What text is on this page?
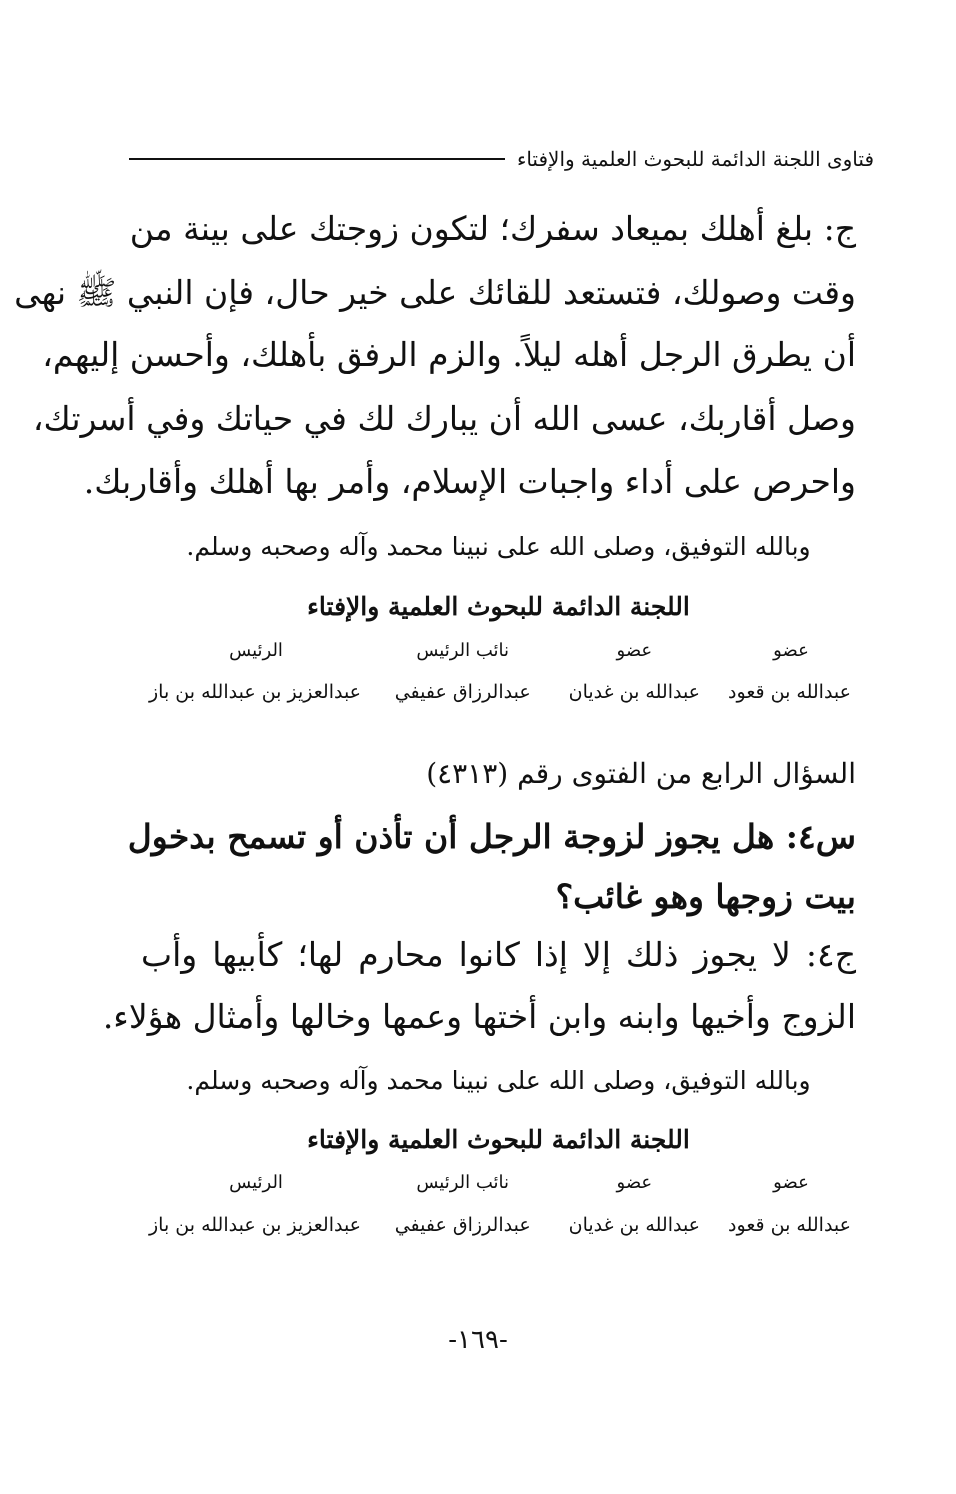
فتاوى اللجنة الدائمة للبحوث العلمية والإفتاء
ج: بلغ أهلك بميعاد سفرك؛ لتكون زوجتك على بينة من
وقت وصولك، فتستعد للقائك على خير حال، فإن النبي ﷺ نهى
أن يطرق الرجل أهله ليلاً. والزم الرفق بأهلك، وأحسن إليهم،
وصل أقاربك، عسى الله أن يبارك لك في حياتك وفي أسرتك،
واحرص على أداء واجبات الإسلام، وأمر بها أهلك وأقاربك.
وبالله التوفيق، وصلى الله على نبينا محمد وآله وصحبه وسلم.
اللجنة الدائمة للبحوث العلمية والإفتاء
عضو
عضو
نائب الرئيس
الرئيس
عبدالله بن قعود
عبدالله بن غديان
عبدالرزاق عفيفي
عبدالعزيز بن عبدالله بن باز
السؤال الرابع من الفتوى رقم (٤٣١٣)
س٤: هل يجوز لزوجة الرجل أن تأذن أو تسمح بدخول
بيت زوجها وهو غائب؟
ج٤: لا يجوز ذلك إلا إذا كانوا محارم لها؛ كأبيها وأب
الزوج وأخيها وابنه وابن أختها وعمها وخالها وأمثال هؤلاء.
وبالله التوفيق، وصلى الله على نبينا محمد وآله وصحبه وسلم.
اللجنة الدائمة للبحوث العلمية والإفتاء
عضو
عضو
نائب الرئيس
الرئيس
عبدالله بن قعود
عبدالله بن غديان
عبدالرزاق عفيفي
عبدالعزيز بن عبدالله بن باز
-١٦٩-
